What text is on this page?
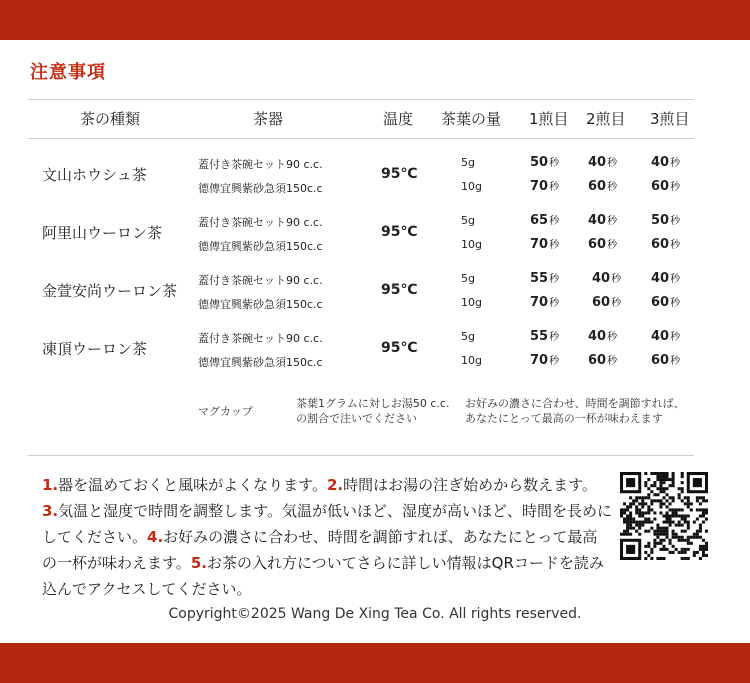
注意事項
茶の種類	茶器	温度 茶葉の量 1煎目 2煎目 3煎目
文山ホウシュ茶
蓋付き茶碗セット90 c.c.
德傳宜興紫砂急須150c.c
95℃
5g
10g
50秒
70秒
40秒
60秒
40秒
60秒
阿里山ウーロン茶
蓋付き茶碗セット90 c.c.
德傳宜興紫砂急須150c.c
95℃
5g
10g
65秒
70秒
40秒
60秒
50秒
60秒
金萱安尚ウーロン茶
蓋付き茶碗セット90 c.c.
德傳宜興紫砂急須150c.c
95℃
5g
10g
55秒
70秒
40秒
60秒
40秒
60秒
凍頂ウーロン茶
蓋付き茶碗セット90 c.c.
德傳宜興紫砂急須150c.c
95℃
5g
10g
55秒
70秒
40秒
60秒
40秒
60秒
マグカップ
茶葉1グラムに対しお湯50 c.c.
の割合で注いでください
お好みの濃さに合わせ、時間を調節すれば、
あなたにとって最高の一杯が味わえます
1.器を温めておくと風味がよくなります。2.時間はお湯の注ぎ始めから数えます。3.気温と湿度で時間を調整します。気温が低いほど、湿度が高いほど、時間を長めにしてください。4.お好みの濃さに合わせ、時間を調節すれば、あなたにとって最高の一杯が味わえます。5.お茶の入れ方についてさらに詳しい情報はQRコードを読み込んでアクセスしてください。
Copyright©2025 Wang De Xing Tea Co. All rights reserved.
